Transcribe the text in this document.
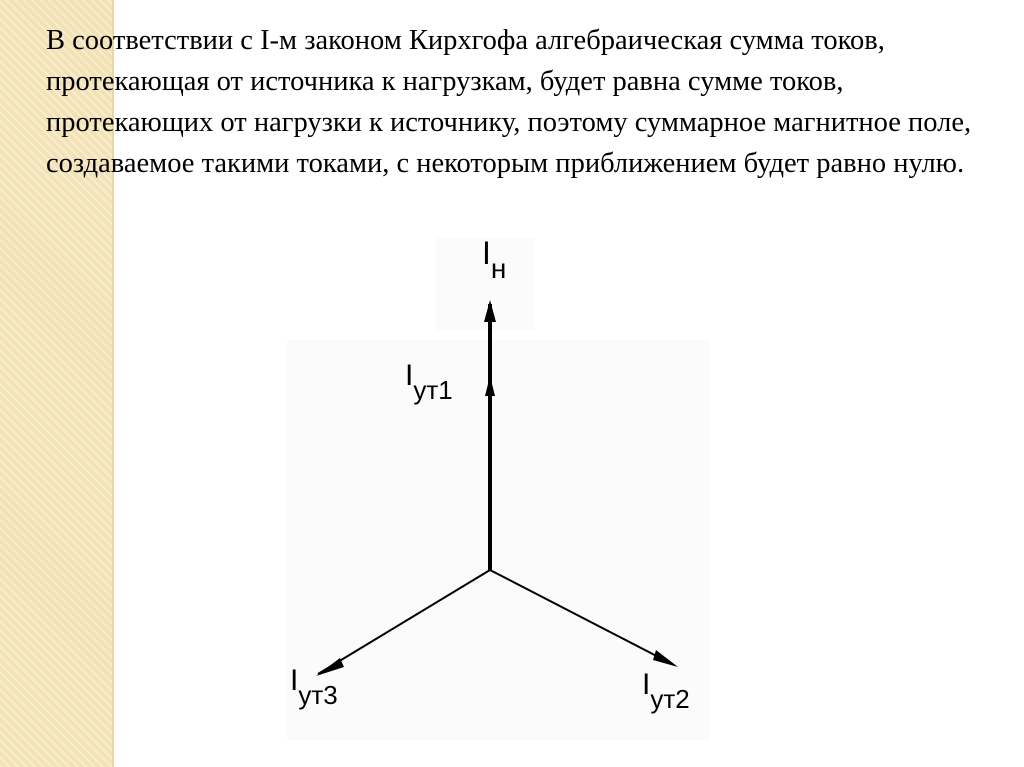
В соответствии с I-м законом Кирхгофа алгебраическая сумма токов, протекающая от источника к нагрузкам, будет равна сумме токов, протекающих от нагрузки к источнику, поэтому суммарное магнитное поле, создаваемое такими токами, с некоторым приближением будет равно нулю.

Iн
Iут1
Iут3	Iут2
